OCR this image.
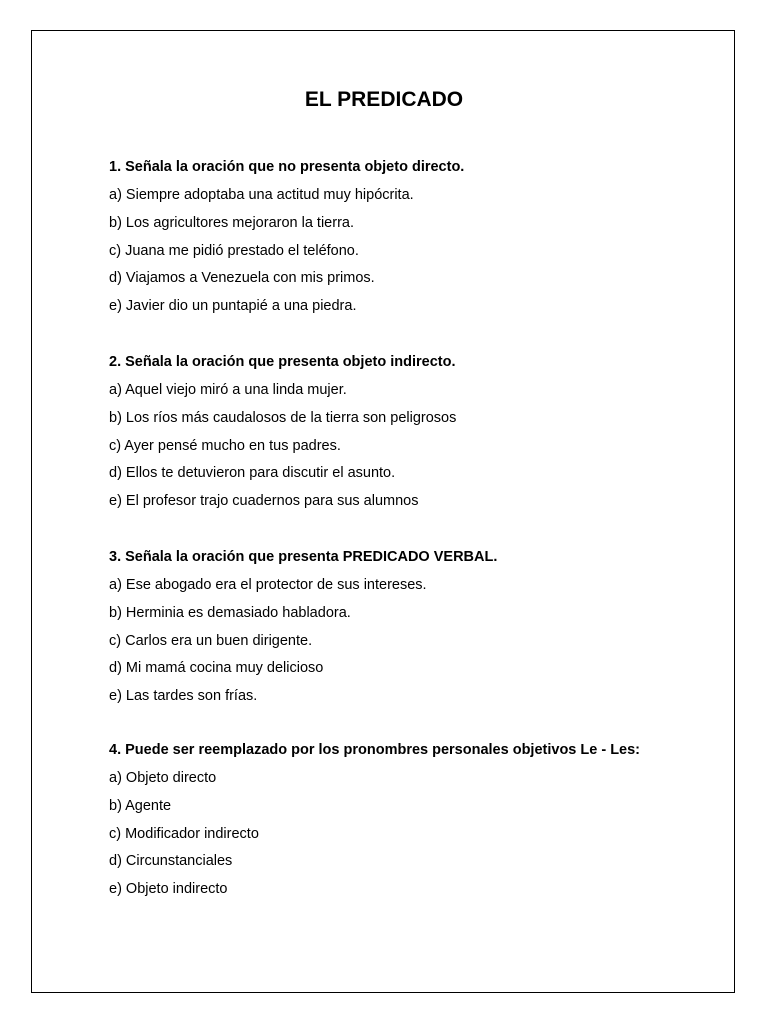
EL PREDICADO

1. Señala la oración que no presenta objeto directo.

a) Siempre adoptaba una actitud muy hipócrita.
b) Los agricultores mejoraron la tierra.
c) Juana me pidió prestado el teléfono.
d) Viajamos a Venezuela con mis primos.
e) Javier dio un puntapié a una piedra.

2. Señala la oración que presenta objeto indirecto.

a) Aquel viejo miró a una linda mujer.
b) Los ríos más caudalosos de la tierra son peligrosos
c) Ayer pensé mucho en tus padres.
d) Ellos te detuvieron para discutir el asunto.
e) El profesor trajo cuadernos para sus alumnos

3. Señala la oración que presenta PREDICADO VERBAL.

a) Ese abogado era el protector de sus intereses.
b) Herminia es demasiado habladora.
c) Carlos era un buen dirigente.
d) Mi mamá cocina muy delicioso
e) Las tardes son frías.

4. Puede ser reemplazado por los pronombres personales objetivos Le - Les:

a) Objeto directo
b) Agente
c) Modificador indirecto
d) Circunstanciales
e) Objeto indirecto
